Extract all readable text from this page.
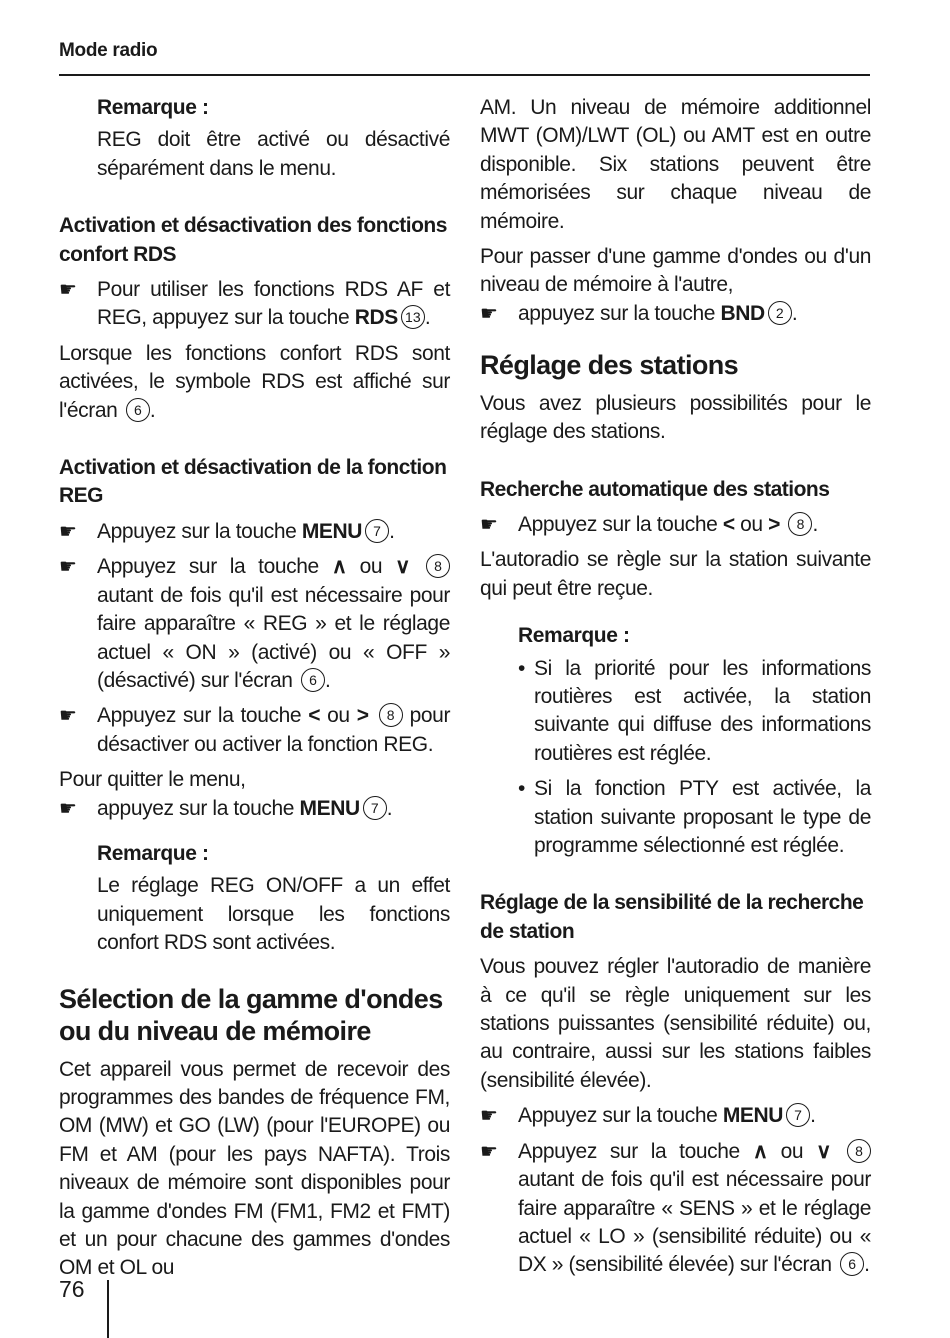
Mode radio
Remarque :
REG doit être activé ou désactivé séparément dans le menu.
Activation et désactivation des fonctions confort RDS
☛ Pour utiliser les fonctions RDS AF et REG, appuyez sur la touche RDS 13 .
Lorsque les fonctions confort RDS sont activées, le symbole RDS est affiché sur l'écran 6 .
Activation et désactivation de la fonction REG
☛ Appuyez sur la touche MENU 7 .
☛ Appuyez sur la touche ∧ ou ∨ 8 autant de fois qu'il est nécessaire pour faire apparaître « REG » et le réglage actuel « ON » (activé) ou « OFF » (désactivé) sur l'écran 6 .
☛ Appuyez sur la touche < ou > 8 pour désactiver ou activer la fonction REG.
Pour quitter le menu,
☛ appuyez sur la touche MENU 7 .
Remarque :
Le réglage REG ON/OFF a un effet uniquement lorsque les fonctions confort RDS sont activées.
Sélection de la gamme d'ondes ou du niveau de mémoire
Cet appareil vous permet de recevoir des programmes des bandes de fréquence FM, OM (MW) et GO (LW) (pour l'EUROPE) ou FM et AM (pour les pays NAFTA). Trois niveaux de mémoire sont disponibles pour la gamme d'ondes FM (FM1, FM2 et FMT) et un pour chacune des gammes d'ondes OM et OL ou
AM. Un niveau de mémoire additionnel MWT (OM)/LWT (OL) ou AMT est en outre disponible. Six stations peuvent être mémorisées sur chaque niveau de mémoire.
Pour passer d'une gamme d'ondes ou d'un niveau de mémoire à l'autre,
☛ appuyez sur la touche BND 2 .
Réglage des stations
Vous avez plusieurs possibilités pour le réglage des stations.
Recherche automatique des stations
☛ Appuyez sur la touche < ou > 8 .
L'autoradio se règle sur la station suivante qui peut être reçue.
Remarque :
• Si la priorité pour les informations routières est activée, la station suivante qui diffuse des informations routières est réglée.
• Si la fonction PTY est activée, la station suivante proposant le type de programme sélectionné est réglée.
Réglage de la sensibilité de la recherche de station
Vous pouvez régler l'autoradio de manière à ce qu'il se règle uniquement sur les stations puissantes (sensibilité réduite) ou, au contraire, aussi sur les stations faibles (sensibilité élevée).
☛ Appuyez sur la touche MENU 7 .
☛ Appuyez sur la touche ∧ ou ∨ 8 autant de fois qu'il est nécessaire pour faire apparaître « SENS » et le réglage actuel « LO » (sensibilité réduite) ou « DX » (sensibilité élevée) sur l'écran 6 .
76
